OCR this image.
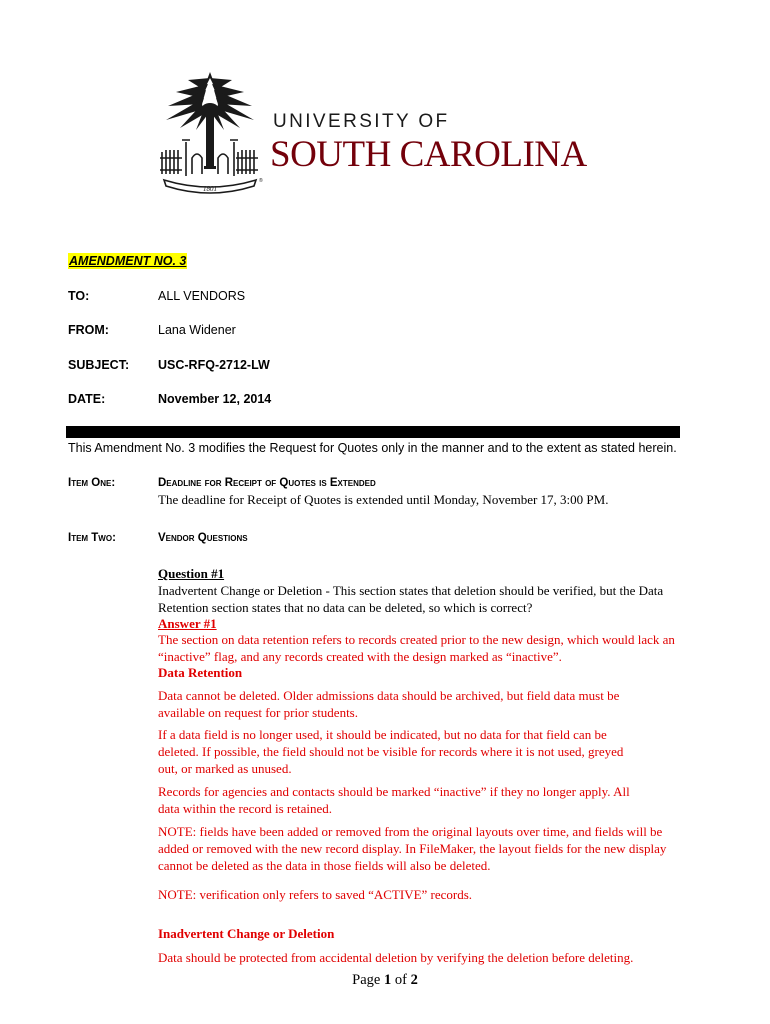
1801
®
UNIVERSITY OF
SOUTH CAROLINA
AMENDMENT NO. 3
TO:	ALL VENDORS
FROM:	Lana Widener
SUBJECT: USC-RFQ-2712-LW
DATE:	November 12, 2014
This Amendment No. 3 modifies the Request for Quotes only in the manner and to the extent as stated herein.
Item One:	Deadline for Receipt of Quotes is Extended
The deadline for Receipt of Quotes is extended until Monday, November 17, 3:00 PM.
Item Two:	Vendor Questions
Question #1
Inadvertent Change or Deletion - This section states that deletion should be verified, but the Data
Retention section states that no data can be deleted, so which is correct?
Answer #1
The section on data retention refers to records created prior to the new design, which would lack an
“inactive” flag, and any records created with the design marked as “inactive”.
Data Retention
Data cannot be deleted. Older admissions data should be archived, but field data must be
available on request for prior students.
If a data field is no longer used, it should be indicated, but no data for that field can be
deleted. If possible, the field should not be visible for records where it is not used, greyed
out, or marked as unused.
Records for agencies and contacts should be marked “inactive” if they no longer apply. All
data within the record is retained.
NOTE: fields have been added or removed from the original layouts over time, and fields will be
added or removed with the new record display. In FileMaker, the layout fields for the new display
cannot be deleted as the data in those fields will also be deleted.
NOTE: verification only refers to saved “ACTIVE” records.
Inadvertent Change or Deletion
Data should be protected from accidental deletion by verifying the deletion before deleting.
Page 1 of 2
